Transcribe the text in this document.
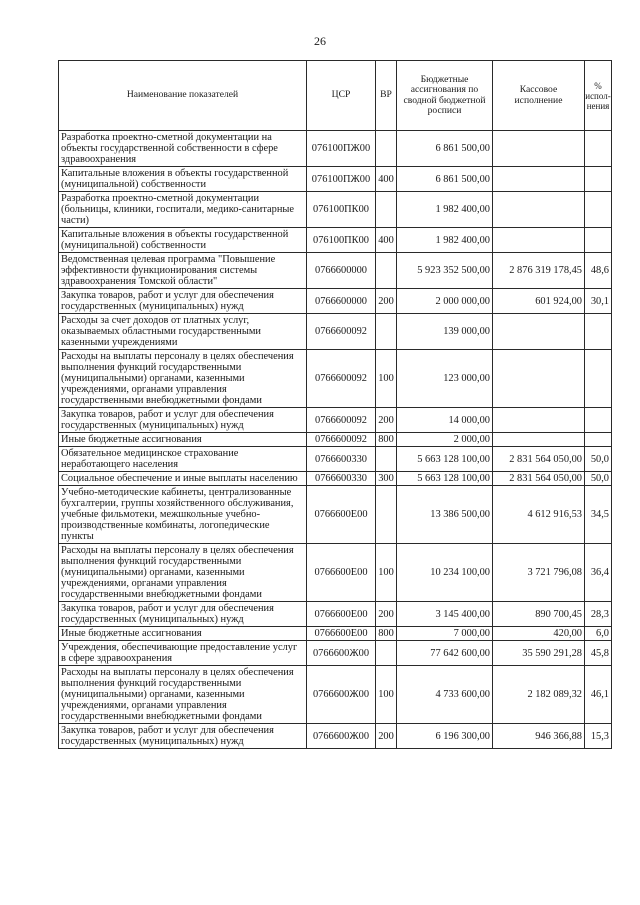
26
Наименование показателей	ЦСР	ВР	Бюджетные ассигнования по сводной бюджетной росписи	Кассовое исполнение	% испол-нения
Разработка проектно-сметной документации на объекты государственной собственности в сфере здравоохранения	076100ПЖ00		6 861 500,00		
Капитальные вложения в объекты государственной (муниципальной) собственности	076100ПЖ00	400	6 861 500,00		
Разработка проектно-сметной документации (больницы, клиники, госпитали, медико-санитарные части)	076100ПК00		1 982 400,00		
Капитальные вложения в объекты государственной (муниципальной) собственности	076100ПК00	400	1 982 400,00		
Ведомственная целевая программа "Повышение эффективности функционирования системы здравоохранения Томской области"	0766600000		5 923 352 500,00	2 876 319 178,45	48,6
Закупка товаров, работ и услуг для обеспечения государственных (муниципальных) нужд	0766600000	200	2 000 000,00	601 924,00	30,1
Расходы за счет доходов от платных услуг, оказываемых областными государственными казенными учреждениями	0766600092		139 000,00		
Расходы на выплаты персоналу в целях обеспечения выполнения функций государственными (муниципальными) органами, казенными учреждениями, органами управления государственными внебюджетными фондами	0766600092	100	123 000,00		
Закупка товаров, работ и услуг для обеспечения государственных (муниципальных) нужд	0766600092	200	14 000,00		
Иные бюджетные ассигнования	0766600092	800	2 000,00		
Обязательное медицинское страхование неработающего населения	0766600330		5 663 128 100,00	2 831 564 050,00	50,0
Социальное обеспечение и иные выплаты населению	0766600330	300	5 663 128 100,00	2 831 564 050,00	50,0
Учебно-методические кабинеты, централизованные бухгалтерии, группы хозяйственного обслуживания, учебные фильмотеки, межшкольные учебно-производственные комбинаты, логопедические пункты	0766600Е00		13 386 500,00	4 612 916,53	34,5
Расходы на выплаты персоналу в целях обеспечения выполнения функций государственными (муниципальными) органами, казенными учреждениями, органами управления государственными внебюджетными фондами	0766600Е00	100	10 234 100,00	3 721 796,08	36,4
Закупка товаров, работ и услуг для обеспечения государственных (муниципальных) нужд	0766600Е00	200	3 145 400,00	890 700,45	28,3
Иные бюджетные ассигнования	0766600Е00	800	7 000,00	420,00	6,0
Учреждения, обеспечивающие предоставление услуг в сфере здравоохранения	0766600Ж00		77 642 600,00	35 590 291,28	45,8
Расходы на выплаты персоналу в целях обеспечения выполнения функций государственными (муниципальными) органами, казенными учреждениями, органами управления государственными внебюджетными фондами	0766600Ж00	100	4 733 600,00	2 182 089,32	46,1
Закупка товаров, работ и услуг для обеспечения государственных (муниципальных) нужд	0766600Ж00	200	6 196 300,00	946 366,88	15,3
